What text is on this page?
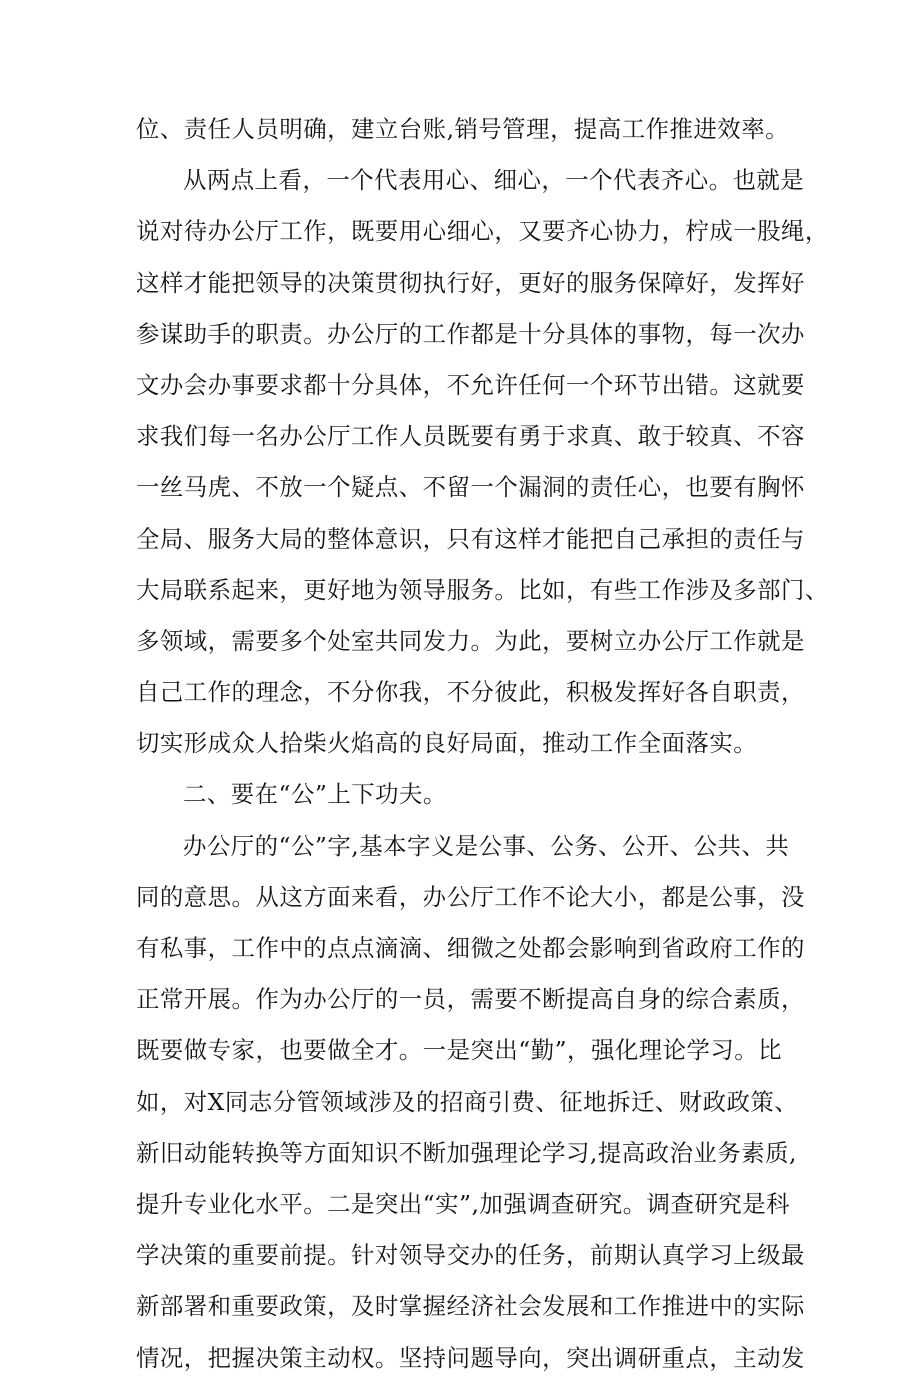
位、责任人员明确，建立台账,销号管理，提高工作推进效率。
从两点上看，一个代表用心、细心，一个代表齐心。也就是
说对待办公厅工作，既要用心细心，又要齐心协力，柠成一股绳，
这样才能把领导的决策贯彻执行好，更好的服务保障好，发挥好
参谋助手的职责。办公厅的工作都是十分具体的事物，每一次办
文办会办事要求都十分具体，不允许任何一个环节出错。这就要
求我们每一名办公厅工作人员既要有勇于求真、敢于较真、不容
一丝马虎、不放一个疑点、不留一个漏洞的责任心，也要有胸怀
全局、服务大局的整体意识，只有这样才能把自己承担的责任与
大局联系起来，更好地为领导服务。比如，有些工作涉及多部门、
多领域，需要多个处室共同发力。为此，要树立办公厅工作就是
自己工作的理念，不分你我，不分彼此，积极发挥好各自职责，
切实形成众人拾柴火焰高的良好局面，推动工作全面落实。
二、要在“公”上下功夫。
办公厅的“公”字,基本字义是公事、公务、公开、公共、共
同的意思。从这方面来看，办公厅工作不论大小，都是公事，没
有私事，工作中的点点滴滴、细微之处都会影响到省政府工作的
正常开展。作为办公厅的一员，需要不断提高自身的综合素质，
既要做专家，也要做全才。一是突出“勤”，强化理论学习。比
如，对X同志分管领域涉及的招商引费、征地拆迁、财政政策、
新旧动能转换等方面知识不断加强理论学习,提高政治业务素质,
提升专业化水平。二是突出“实”,加强调查研究。调查研究是科
学决策的重要前提。针对领导交办的任务，前期认真学习上级最
新部署和重要政策，及时掌握经济社会发展和工作推进中的实际
情况，把握决策主动权。坚持问题导向，突出调研重点，主动发
